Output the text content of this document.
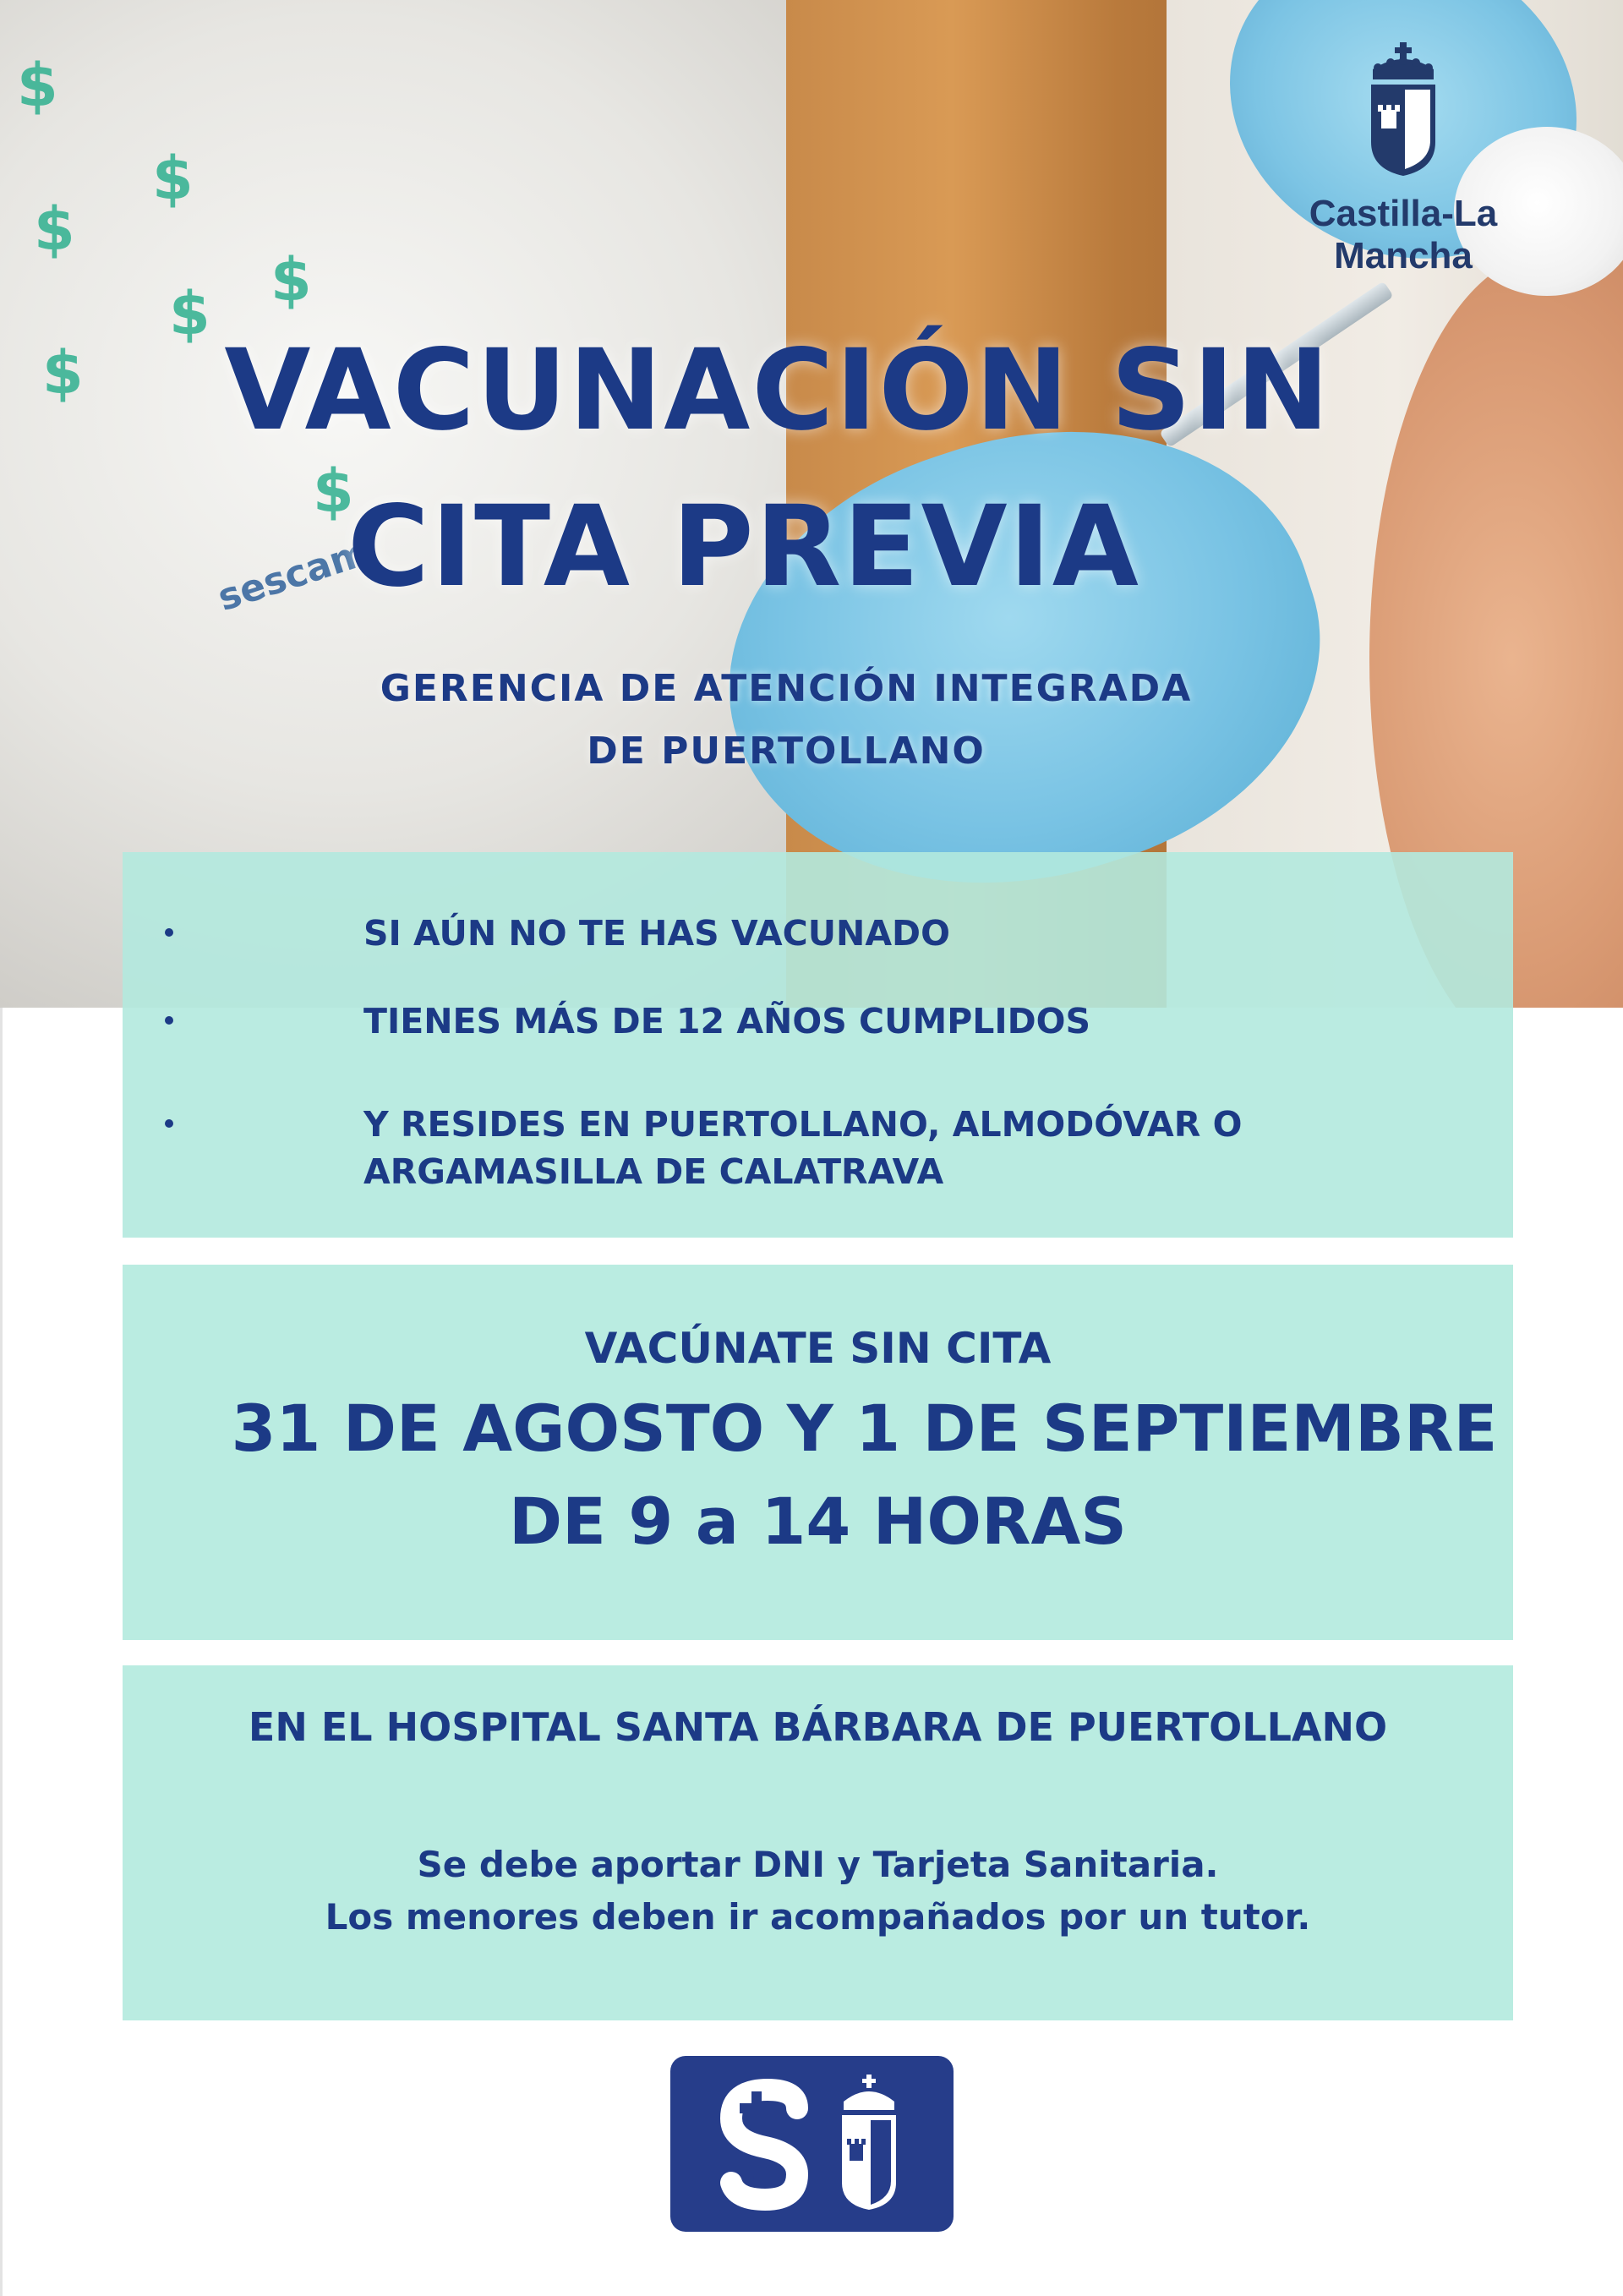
$
$
$
$ $
$
$
sescam
Castilla-La Mancha
VACUNACIÓN SIN
CITA PREVIA
GERENCIA DE ATENCIÓN INTEGRADA
DE PUERTOLLANO
SI AÚN NO TE HAS VACUNADO
TIENES MÁS DE 12 AÑOS CUMPLIDOS
Y RESIDES EN PUERTOLLANO, ALMODÓVAR O
ARGAMASILLA DE CALATRAVA
VACÚNATE SIN CITA
31 DE AGOSTO Y 1 DE SEPTIEMBRE
DE 9 a 14 HORAS
EN EL HOSPITAL SANTA BÁRBARA DE PUERTOLLANO
Se debe aportar DNI y Tarjeta Sanitaria.
Los menores deben ir acompañados por un tutor.
